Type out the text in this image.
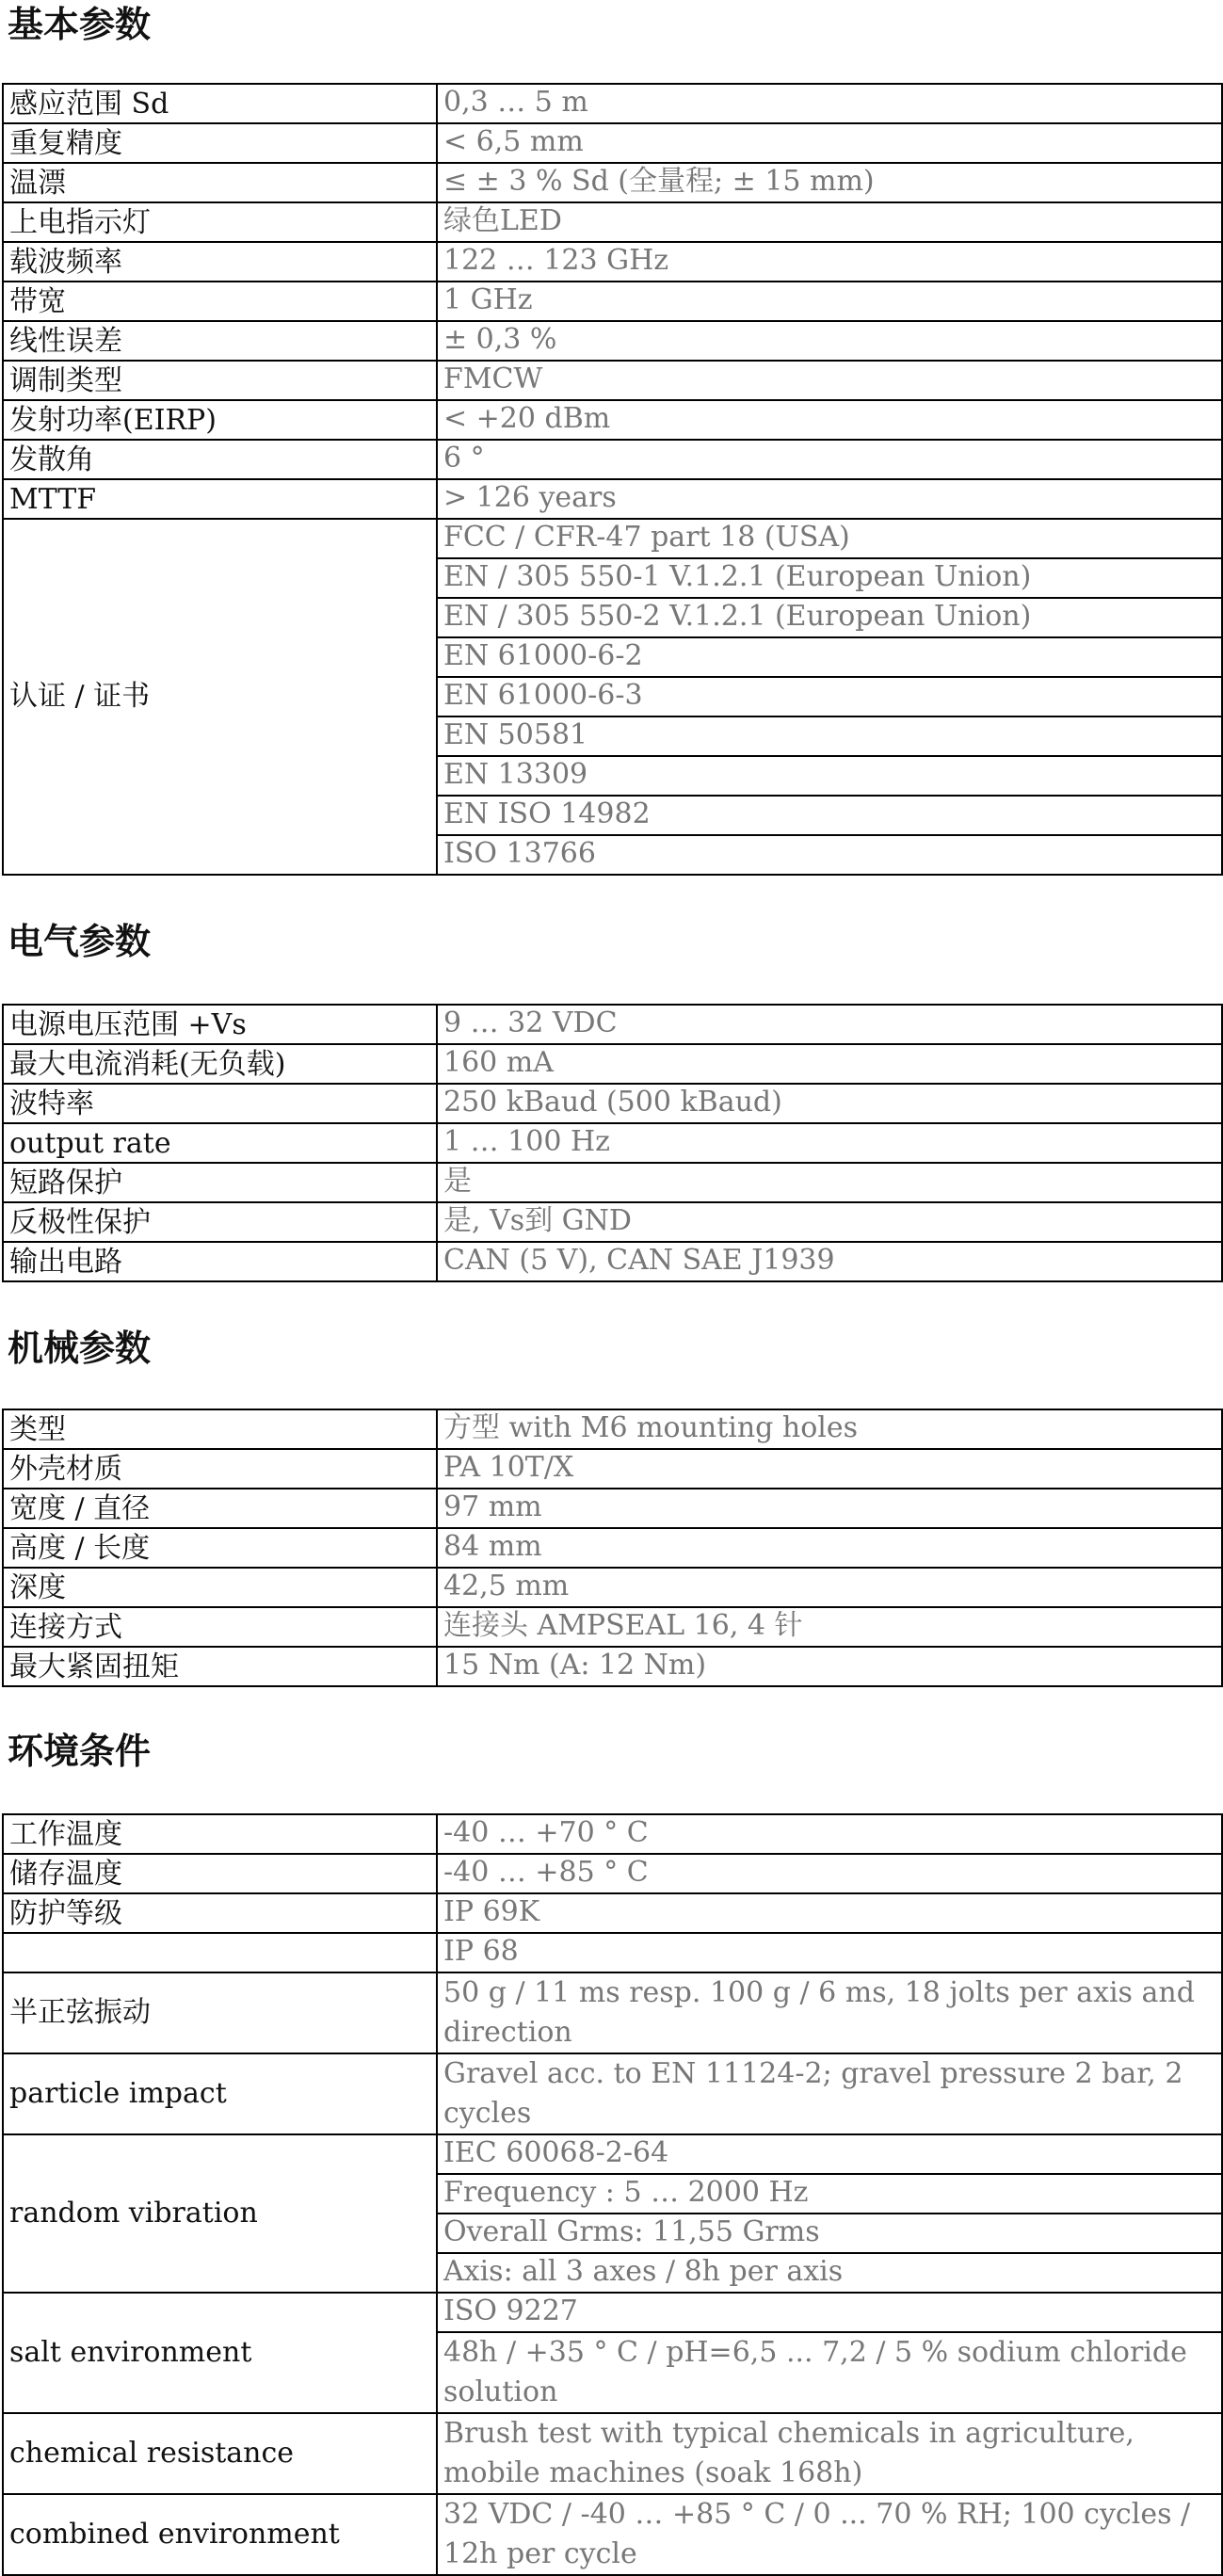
基本参数
感应范围 Sd	0,3 … 5 m
重复精度	< 6,5 mm
温漂	≤ ± 3 % Sd (全量程; ± 15 mm)
上电指示灯	绿色LED
载波频率	122 … 123 GHz
带宽	1 GHz
线性误差	± 0,3 %
调制类型	FMCW
发射功率(EIRP)	< +20 dBm
发散角	6 °
MTTF	> 126 years
认证 / 证书	FCC / CFR-47 part 18 (USA)
	EN / 305 550-1 V.1.2.1 (European Union)
	EN / 305 550-2 V.1.2.1 (European Union)
	EN 61000-6-2
	EN 61000-6-3
	EN 50581
	EN 13309
	EN ISO 14982
	ISO 13766
电气参数
电源电压范围 +Vs	9 … 32 VDC
最大电流消耗(无负载)	160 mA
波特率	250 kBaud (500 kBaud)
output rate	1 … 100 Hz
短路保护	是
反极性保护	是, Vs到 GND
输出电路	CAN (5 V), CAN SAE J1939
机械参数
类型	方型 with M6 mounting holes
外壳材质	PA 10T/X
宽度 / 直径	97 mm
高度 / 长度	84 mm
深度	42,5 mm
连接方式	连接头 AMPSEAL 16, 4 针
最大紧固扭矩	15 Nm (A: 12 Nm)
环境条件
工作温度	-40 … +70 ° C
储存温度	-40 … +85 ° C
防护等级	IP 69K
	IP 68
半正弦振动	50 g / 11 ms resp. 100 g / 6 ms, 18 jolts per axis and direction
particle impact	Gravel acc. to EN 11124-2; gravel pressure 2 bar, 2 cycles
random vibration	IEC 60068-2-64
	Frequency : 5 … 2000 Hz
	Overall Grms: 11,55 Grms
	Axis: all 3 axes / 8h per axis
salt environment	ISO 9227
	48h / +35 ° C / pH=6,5 ... 7,2 / 5 % sodium chloride solution
chemical resistance	Brush test with typical chemicals in agriculture, mobile machines (soak 168h)
combined environment	32 VDC / -40 … +85 ° C / 0 ... 70 % RH; 100 cycles / 12h per cycle
